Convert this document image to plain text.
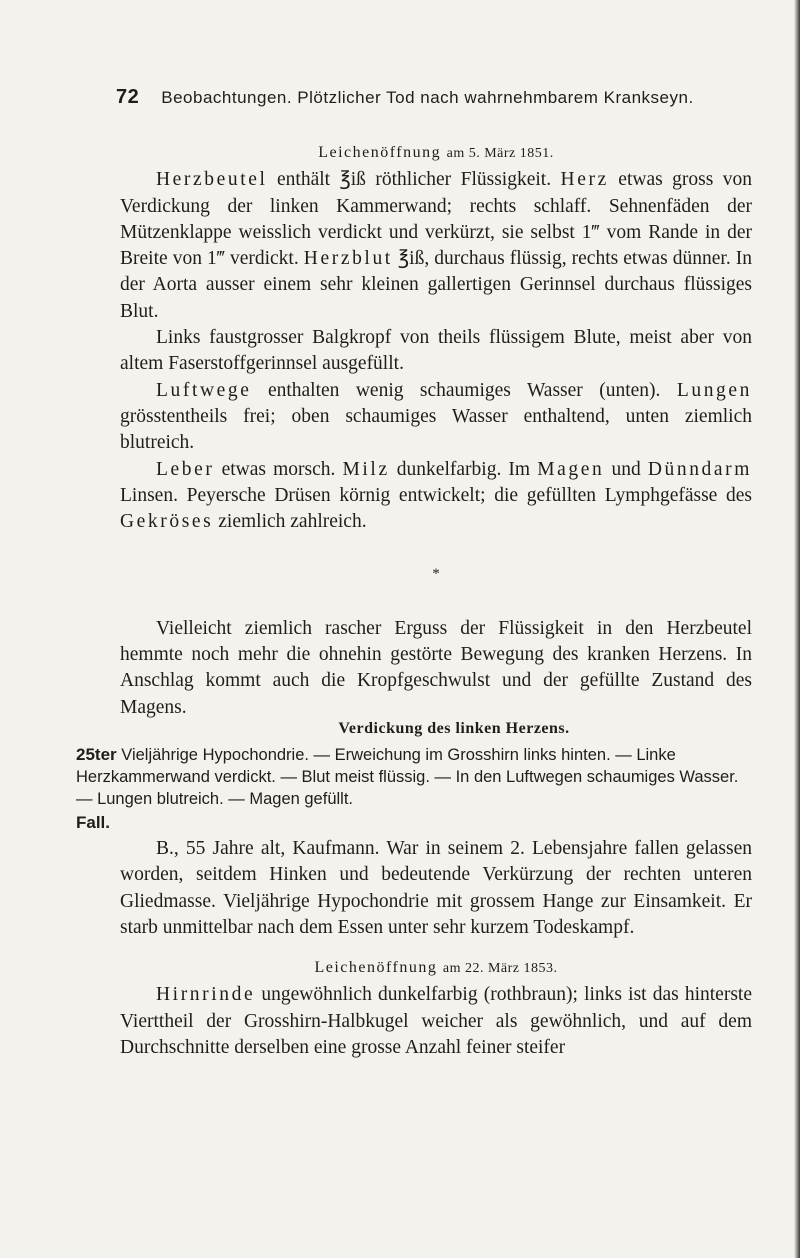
72 Beobachtungen. Plötzlicher Tod nach wahrnehmbarem Krankseyn.

Leichenöffnung am 5. März 1851.

Herzbeutel enthält ℥iß röthlicher Flüssigkeit. Herz etwas gross von Verdickung der linken Kammerwand; rechts schlaff. Sehnenfäden der Mützenklappe weisslich verdickt und verkürzt, sie selbst 1‴ vom Rande in der Breite von 1‴ verdickt. Herzblut ℥iß, durchaus flüssig, rechts etwas dünner. In der Aorta ausser einem sehr kleinen gallertigen Gerinnsel durchaus flüssiges Blut.

Links faustgrosser Balgkropf von theils flüssigem Blute, meist aber von altem Faserstoffgerinnsel ausgefüllt.

Luftwege enthalten wenig schaumiges Wasser (unten). Lungen grösstentheils frei; oben schaumiges Wasser enthaltend, unten ziemlich blutreich.

Leber etwas morsch. Milz dunkelfarbig. Im Magen und Dünndarm Linsen. Peyersche Drüsen körnig entwickelt; die gefüllten Lymphgefässe des Gekröses ziemlich zahlreich.

*

Vielleicht ziemlich rascher Erguss der Flüssigkeit in den Herzbeutel hemmte noch mehr die ohnehin gestörte Bewegung des kranken Herzens. In Anschlag kommt auch die Kropfgeschwulst und der gefüllte Zustand des Magens.

Verdickung des linken Herzens.

25ter Vieljährige Hypochondrie. — Erweichung im Grosshirn links hinten. — Linke Herzkammerwand verdickt. — Blut meist flüssig. — In den Luftwegen schaumiges Wasser. — Lungen blutreich. — Magen gefüllt.
Fall.

B., 55 Jahre alt, Kaufmann. War in seinem 2. Lebensjahre fallen gelassen worden, seitdem Hinken und bedeutende Verkürzung der rechten unteren Gliedmasse. Vieljährige Hypochondrie mit grossem Hange zur Einsamkeit. Er starb unmittelbar nach dem Essen unter sehr kurzem Todeskampf.

Leichenöffnung am 22. März 1853.

Hirnrinde ungewöhnlich dunkelfarbig (rothbraun); links ist das hinterste Vierttheil der Grosshirn-Halbkugel weicher als gewöhnlich, und auf dem Durchschnitte derselben eine grosse Anzahl feiner steifer
